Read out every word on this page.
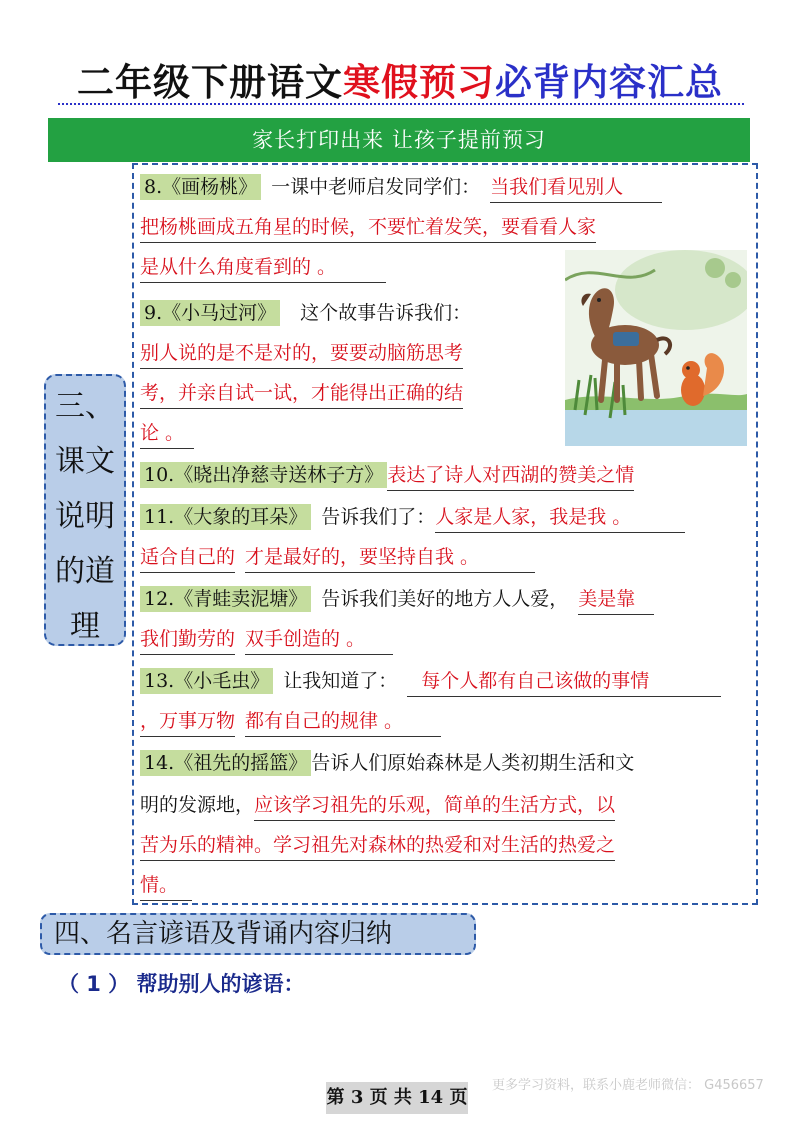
二年级下册语文寒假预习必背内容汇总
家长打印出来 让孩子提前预习
三、
课文
说明
的道
理
8.《画杨桃》 一课中老师启发同学们： 当我们看见别人
把杨桃画成五角星的时候，不要忙着发笑，要看看人家
是从什么角度看到的 。
9.《小马过河》 这个故事告诉我们：
别人说的是不是对的，要要动脑筋思考
考，并亲自试一试，才能得出正确的结
论 。
10.《晓出净慈寺送林子方》 表达了诗人对西湖的赞美之情
11.《大象的耳朵》 告诉我们了：人家是人家，我是我 。
适合自己的 才是最好的，要坚持自我 。
12.《青蛙卖泥塘》 告诉我们美好的地方人人爱， 美是靠
我们勤劳的 双手创造的 。
13.《小毛虫》 让我知道了： 每个人都有自己该做的事情
，万事万物 都有自己的规律 。
14.《祖先的摇篮》 告诉人们原始森林是人类初期生活和文
明的发源地，应该学习祖先的乐观，简单的生活方式，以
苦为乐的精神。学习祖先对森林的热爱和对生活的热爱之
情。
四、名言谚语及背诵内容归纳
（ 1 ） 帮助别人的谚语：
更多学习资料，联系小鹿老师微信： G456657
第 3 页 共 14 页
